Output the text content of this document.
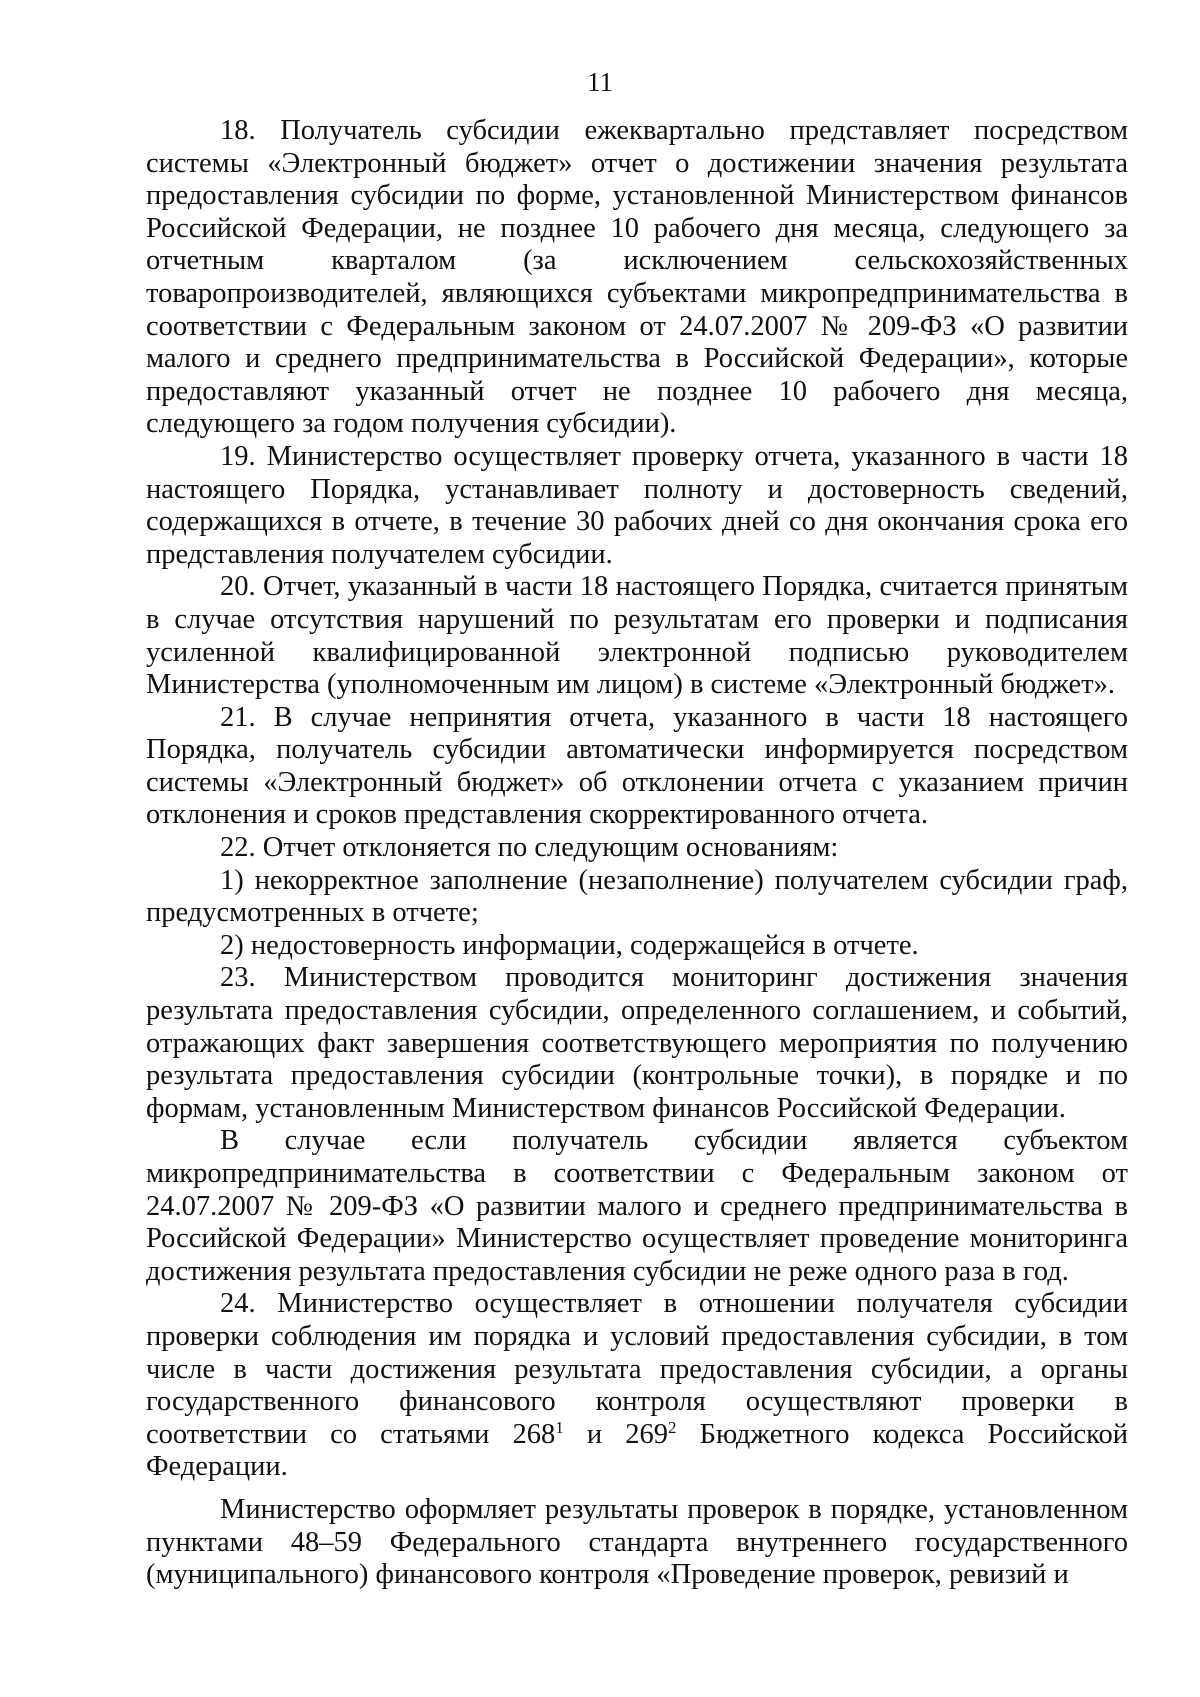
11

18. Получатель субсидии ежеквартально представляет посредством системы «Электронный бюджет» отчет о достижении значения результата предоставления субсидии по форме, установленной Министерством финансов Российской Федерации, не позднее 10 рабочего дня месяца, следующего за отчетным кварталом (за исключением сельскохозяйственных товаропроизводителей, являющихся субъектами микропредпринимательства в соответствии с Федеральным законом от 24.07.2007 № 209-ФЗ «О развитии малого и среднего предпринимательства в Российской Федерации», которые предоставляют указанный отчет не позднее 10 рабочего дня месяца, следующего за годом получения субсидии).

19. Министерство осуществляет проверку отчета, указанного в части 18 настоящего Порядка, устанавливает полноту и достоверность сведений, содержащихся в отчете, в течение 30 рабочих дней со дня окончания срока его представления получателем субсидии.

20. Отчет, указанный в части 18 настоящего Порядка, считается принятым в случае отсутствия нарушений по результатам его проверки и подписания усиленной квалифицированной электронной подписью руководителем Министерства (уполномоченным им лицом) в системе «Электронный бюджет».

21. В случае непринятия отчета, указанного в части 18 настоящего Порядка, получатель субсидии автоматически информируется посредством системы «Электронный бюджет» об отклонении отчета с указанием причин отклонения и сроков представления скорректированного отчета.

22. Отчет отклоняется по следующим основаниям:

1) некорректное заполнение (незаполнение) получателем субсидии граф, предусмотренных в отчете;

2) недостоверность информации, содержащейся в отчете.

23. Министерством проводится мониторинг достижения значения результата предоставления субсидии, определенного соглашением, и событий, отражающих факт завершения соответствующего мероприятия по получению результата предоставления субсидии (контрольные точки), в порядке и по формам, установленным Министерством финансов Российской Федерации.

В случае если получатель субсидии является субъектом микропредпринимательства в соответствии с Федеральным законом от 24.07.2007 № 209-ФЗ «О развитии малого и среднего предпринимательства в Российской Федерации» Министерство осуществляет проведение мониторинга достижения результата предоставления субсидии не реже одного раза в год.

24. Министерство осуществляет в отношении получателя субсидии проверки соблюдения им порядка и условий предоставления субсидии, в том числе в части достижения результата предоставления субсидии, а органы государственного финансового контроля осуществляют проверки в соответствии со статьями $268^1$ и $269^2$ Бюджетного кодекса Российской Федерации.

Министерство оформляет результаты проверок в порядке, установленном пунктами 48–59 Федерального стандарта внутреннего государственного (муниципального) финансового контроля «Проведение проверок, ревизий и
